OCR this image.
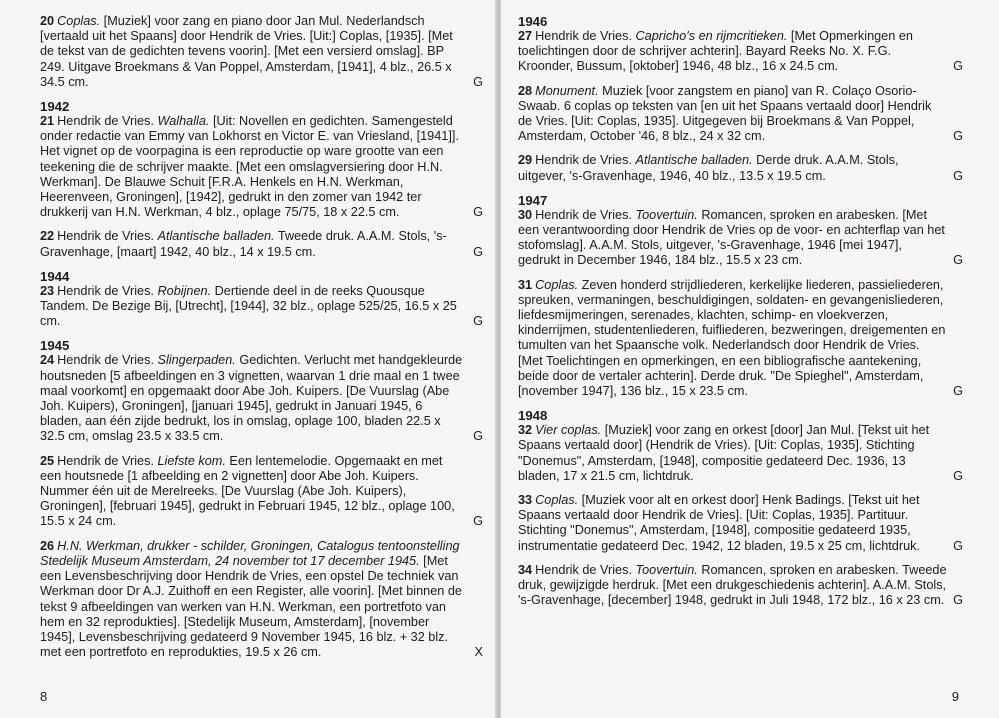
20 Coplas. [Muziek] voor zang en piano door Jan Mul. Nederlandsch [vertaald uit het Spaans] door Hendrik de Vries. [Uit:] Coplas, [1935]. [Met de tekst van de gedichten tevens voorin]. [Met een versierd omslag]. BP 249. Uitgave Broekmans & Van Poppel, Amsterdam, [1941], 4 blz., 26.5 x 34.5 cm.	G
1942
21 Hendrik de Vries. Walhalla. [Uit: Novellen en gedichten. Samengesteld onder redactie van Emmy van Lokhorst en Victor E. van Vriesland, [1941]]. Het vignet op de voorpagina is een reproductie op ware grootte van een teekening die de schrijver maakte. [Met een omslagversiering door H.N. Werkman]. De Blauwe Schuit [F.R.A. Henkels en H.N. Werkman, Heerenveen, Groningen], [1942], gedrukt in den zomer van 1942 ter drukkerij van H.N. Werkman, 4 blz., oplage 75/75, 18 x 22.5 cm.	G
22 Hendrik de Vries. Atlantische balladen. Tweede druk. A.A.M. Stols, 's-Gravenhage, [maart] 1942, 40 blz., 14 x 19.5 cm.	G
1944
23 Hendrik de Vries. Robijnen. Dertiende deel in de reeks Quousque Tandem. De Bezige Bij, [Utrecht], [1944], 32 blz., oplage 525/25, 16.5 x 25 cm.	G
1945
24 Hendrik de Vries. Slingerpaden. Gedichten. Verlucht met handgekleurde houtsneden [5 afbeeldingen en 3 vignetten, waarvan 1 drie maal en 1 twee maal voorkomt] en opgemaakt door Abe Joh. Kuipers. [De Vuurslag (Abe Joh. Kuipers), Groningen], [januari 1945], gedrukt in Januari 1945, 6 bladen, aan één zijde bedrukt, los in omslag, oplage 100, bladen 22.5 x 32.5 cm, omslag 23.5 x 33.5 cm.	G
25 Hendrik de Vries. Liefste kom. Een lentemelodie. Opgemaakt en met een houtsnede [1 afbeelding en 2 vignetten] door Abe Joh. Kuipers. Nummer één uit de Merelreeks. [De Vuurslag (Abe Joh. Kuipers), Groningen], [februari 1945], gedrukt in Februari 1945, 12 blz., oplage 100, 15.5 x 24 cm.	G
26 H.N. Werkman, drukker - schilder, Groningen, Catalogus tentoonstelling Stedelijk Museum Amsterdam, 24 november tot 17 december 1945. [Met een Levensbeschrijving door Hendrik de Vries, een opstel De techniek van Werkman door Dr A.J. Zuithoff en een Register, alle voorin]. [Met binnen de tekst 9 afbeeldingen van werken van H.N. Werkman, een portretfoto van hem en 32 reprodukties]. [Stedelijk Museum, Amsterdam], [november 1945], Levensbeschrijving gedateerd 9 November 1945, 16 blz. + 32 blz. met een portretfoto en reprodukties, 19.5 x 26 cm.	X
8
1946
27 Hendrik de Vries. Capricho's en rijmcritieken. [Met Opmerkingen en toelichtingen door de schrijver achterin]. Bayard Reeks No. X. F.G. Kroonder, Bussum, [oktober] 1946, 48 blz., 16 x 24.5 cm.	G
28 Monument. Muziek [voor zangstem en piano] van R. Colaço Osorio-Swaab. 6 coplas op teksten van [en uit het Spaans vertaald door] Hendrik de Vries. [Uit: Coplas, 1935]. Uitgegeven bij Broekmans & Van Poppel, Amsterdam, October '46, 8 blz., 24 x 32 cm.	G
29 Hendrik de Vries. Atlantische balladen. Derde druk. A.A.M. Stols, uitgever, 's-Gravenhage, 1946, 40 blz., 13.5 x 19.5 cm.	G
1947
30 Hendrik de Vries. Toovertuin. Romancen, sproken en arabesken. [Met een verantwoording door Hendrik de Vries op de voor- en achterflap van het stofomslag]. A.A.M. Stols, uitgever, 's-Gravenhage, 1946 [mei 1947], gedrukt in December 1946, 184 blz., 15.5 x 23 cm.	G
31 Coplas. Zeven honderd strijdliederen, kerkelijke liederen, passieliederen, spreuken, vermaningen, beschuldigingen, soldaten- en gevangenisliederen, liefdesmijmeringen, serenades, klachten, schimp- en vloekverzen, kinderrijmen, studentenliederen, fuifliederen, bezweringen, dreigementen en tumulten van het Spaansche volk. Nederlandsch door Hendrik de Vries. [Met Toelichtingen en opmerkingen, en een bibliografische aantekening, beide door de vertaler achterin]. Derde druk. "De Spieghel", Amsterdam, [november 1947], 136 blz., 15 x 23.5 cm.	G
1948
32 Vier coplas. [Muziek] voor zang en orkest [door] Jan Mul. [Tekst uit het Spaans vertaald door] (Hendrik de Vries). [Uit: Coplas, 1935]. Stichting "Donemus", Amsterdam, [1948], compositie gedateerd Dec. 1936, 13 bladen, 17 x 21.5 cm, lichtdruk.	G
33 Coplas. [Muziek voor alt en orkest door] Henk Badings. [Tekst uit het Spaans vertaald door Hendrik de Vries]. [Uit: Coplas, 1935]. Partituur. Stichting "Donemus", Amsterdam, [1948], compositie gedateerd 1935, instrumentatie gedateerd Dec. 1942, 12 bladen, 19.5 x 25 cm, lichtdruk.	G
34 Hendrik de Vries. Toovertuin. Romancen, sproken en arabesken. Tweede druk, gewijzigde herdruk. [Met een drukgeschiedenis achterin]. A.A.M. Stols, 's-Gravenhage, [december] 1948, gedrukt in Juli 1948, 172 blz., 16 x 23 cm. G
9
